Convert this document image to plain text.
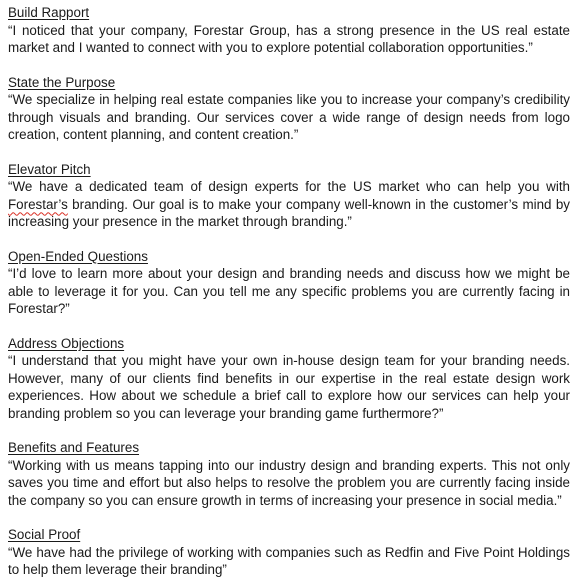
Build Rapport

“I noticed that your company, Forestar Group, has a strong presence in the US real estate market and I wanted to connect with you to explore potential collaboration opportunities.”

State the Purpose

“We specialize in helping real estate companies like you to increase your company’s credibility through visuals and branding. Our services cover a wide range of design needs from logo creation, content planning, and content creation.”

Elevator Pitch

“We have a dedicated team of design experts for the US market who can help you with Forestar’s branding. Our goal is to make your company well-known in the customer’s mind by increasing your presence in the market through branding.”

Open-Ended Questions

“I’d love to learn more about your design and branding needs and discuss how we might be able to leverage it for you. Can you tell me any specific problems you are currently facing in Forestar?”

Address Objections

“I understand that you might have your own in-house design team for your branding needs. However, many of our clients find benefits in our expertise in the real estate design work experiences. How about we schedule a brief call to explore how our services can help your branding problem so you can leverage your branding game furthermore?”

Benefits and Features

“Working with us means tapping into our industry design and branding experts. This not only saves you time and effort but also helps to resolve the problem you are currently facing inside the company so you can ensure growth in terms of increasing your presence in social media.”

Social Proof

“We have had the privilege of working with companies such as Redfin and Five Point Holdings to help them leverage their branding”
